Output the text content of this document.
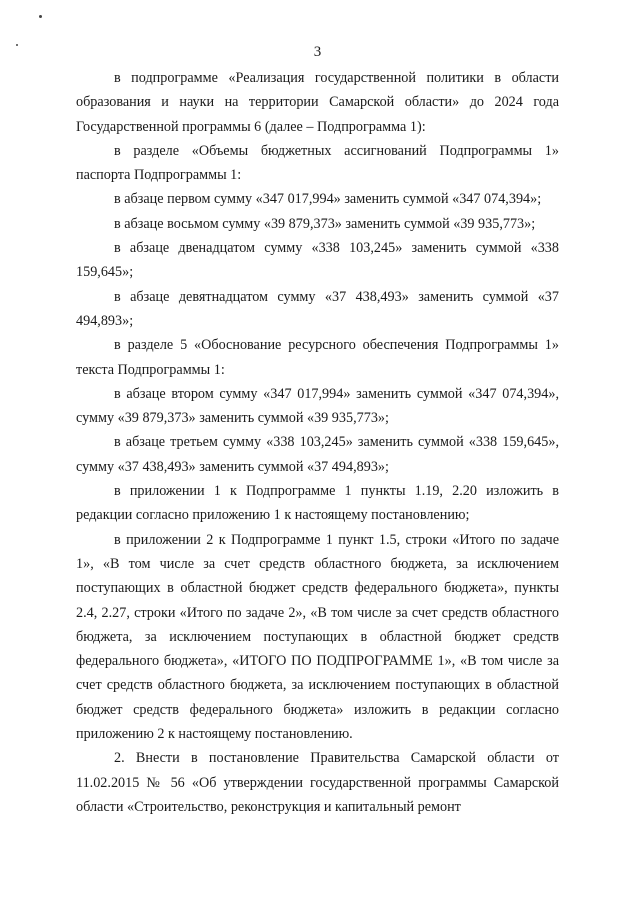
3

в подпрограмме «Реализация государственной политики в области образования и науки на территории Самарской области» до 2024 года Государственной программы 6 (далее – Подпрограмма 1):

в разделе «Объемы бюджетных ассигнований Подпрограммы 1» паспорта Подпрограммы 1:

в абзаце первом сумму «347 017,994» заменить суммой «347 074,394»;

в абзаце восьмом сумму «39 879,373» заменить суммой «39 935,773»;

в абзаце двенадцатом сумму «338 103,245» заменить суммой «338 159,645»;

в абзаце девятнадцатом сумму «37 438,493» заменить суммой «37 494,893»;

в разделе 5 «Обоснование ресурсного обеспечения Подпрограммы 1» текста Подпрограммы 1:

в абзаце втором сумму «347 017,994» заменить суммой «347 074,394», сумму «39 879,373» заменить суммой «39 935,773»;

в абзаце третьем сумму «338 103,245» заменить суммой «338 159,645», сумму «37 438,493» заменить суммой «37 494,893»;

в приложении 1 к Подпрограмме 1 пункты 1.19, 2.20 изложить в редакции согласно приложению 1 к настоящему постановлению;

в приложении 2 к Подпрограмме 1 пункт 1.5, строки «Итого по задаче 1», «В том числе за счет средств областного бюджета, за исключением поступающих в областной бюджет средств федерального бюджета», пункты 2.4, 2.27, строки «Итого по задаче 2», «В том числе за счет средств областного бюджета, за исключением поступающих в областной бюджет средств федерального бюджета», «ИТОГО ПО ПОДПРОГРАММЕ 1», «В том числе за счет средств областного бюджета, за исключением поступающих в областной бюджет средств федерального бюджета» изложить в редакции согласно приложению 2 к настоящему постановлению.

2. Внести в постановление Правительства Самарской области от 11.02.2015 № 56 «Об утверждении государственной программы Самарской области «Строительство, реконструкция и капитальный ремонт
